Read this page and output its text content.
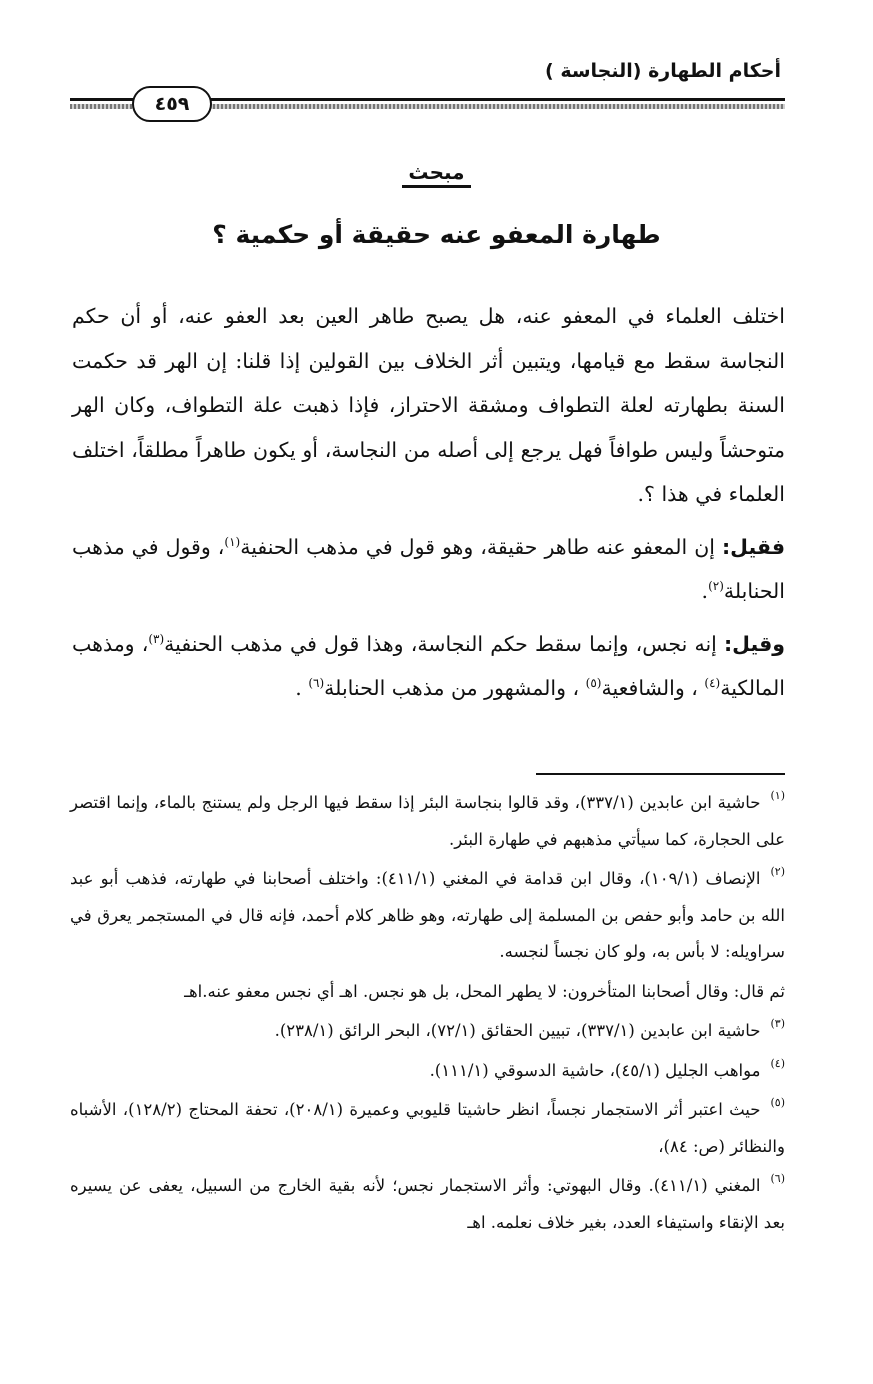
أحكام الطهارة (النجاسة )
٤٥٩
مبحث
طهارة المعفو عنه حقيقة أو حكمية ؟

اختلف العلماء في المعفو عنه، هل يصبح طاهر العين بعد العفو عنه، أو أن حكم النجاسة سقط مع قيامها، ويتبين أثر الخلاف بين القولين إذا قلنا: إن الهر قد حكمت السنة بطهارته لعلة التطواف ومشقة الاحتراز، فإذا ذهبت علة التطواف، وكان الهر متوحشاً وليس طوافاً فهل يرجع إلى أصله من النجاسة، أو يكون طاهراً مطلقاً، اختلف العلماء في هذا ؟.

فقيل: إن المعفو عنه طاهر حقيقة، وهو قول في مذهب الحنفية$^{(١)}$، وقول في مذهب الحنابلة$^{(٢)}$.

وقيل: إنه نجس، وإنما سقط حكم النجاسة، وهذا قول في مذهب الحنفية$^{(٣)}$، ومذهب المالكية$^{(٤)}$ ، والشافعية$^{(٥)}$ ، والمشهور من مذهب الحنابلة$^{(٦)}$ .

١حاشية ابن عابدين (٣٣٧/١)، وقد قالوا بنجاسة البئر إذا سقط فيها الرجل ولم يستنج بالماء، وإنما اقتصر على الحجارة، كما سيأتي مذهبهم في طهارة البئر.

٢الإنصاف (١٠٩/١)، وقال ابن قدامة في المغني (٤١١/١): واختلف أصحابنا في طهارته، فذهب أبو عبد الله بن حامد وأبو حفص بن المسلمة إلى طهارته، وهو ظاهر كلام أحمد، فإنه قال في المستجمر يعرق في سراويله: لا بأس به، ولو كان نجساً لنجسه.

ثم قال: وقال أصحابنا المتأخرون: لا يطهر المحل، بل هو نجس. اهـ أي نجس معفو عنه.اهـ

٣حاشية ابن عابدين (٣٣٧/١)، تبيين الحقائق (٧٢/١)، البحر الرائق (٢٣٨/١).

٤مواهب الجليل (٤٥/١)، حاشية الدسوقي (١١١/١).

٥حيث اعتبر أثر الاستجمار نجساً، انظر حاشيتا قليوبي وعميرة (٢٠٨/١)، تحفة المحتاج (١٢٨/٢)، الأشباه والنظائر (ص: ٨٤)،

٦المغني (٤١١/١). وقال البهوتي: وأثر الاستجمار نجس؛ لأنه بقية الخارج من السبيل، يعفى عن يسيره بعد الإنقاء واستيفاء العدد، بغير خلاف نعلمه. اهـ
